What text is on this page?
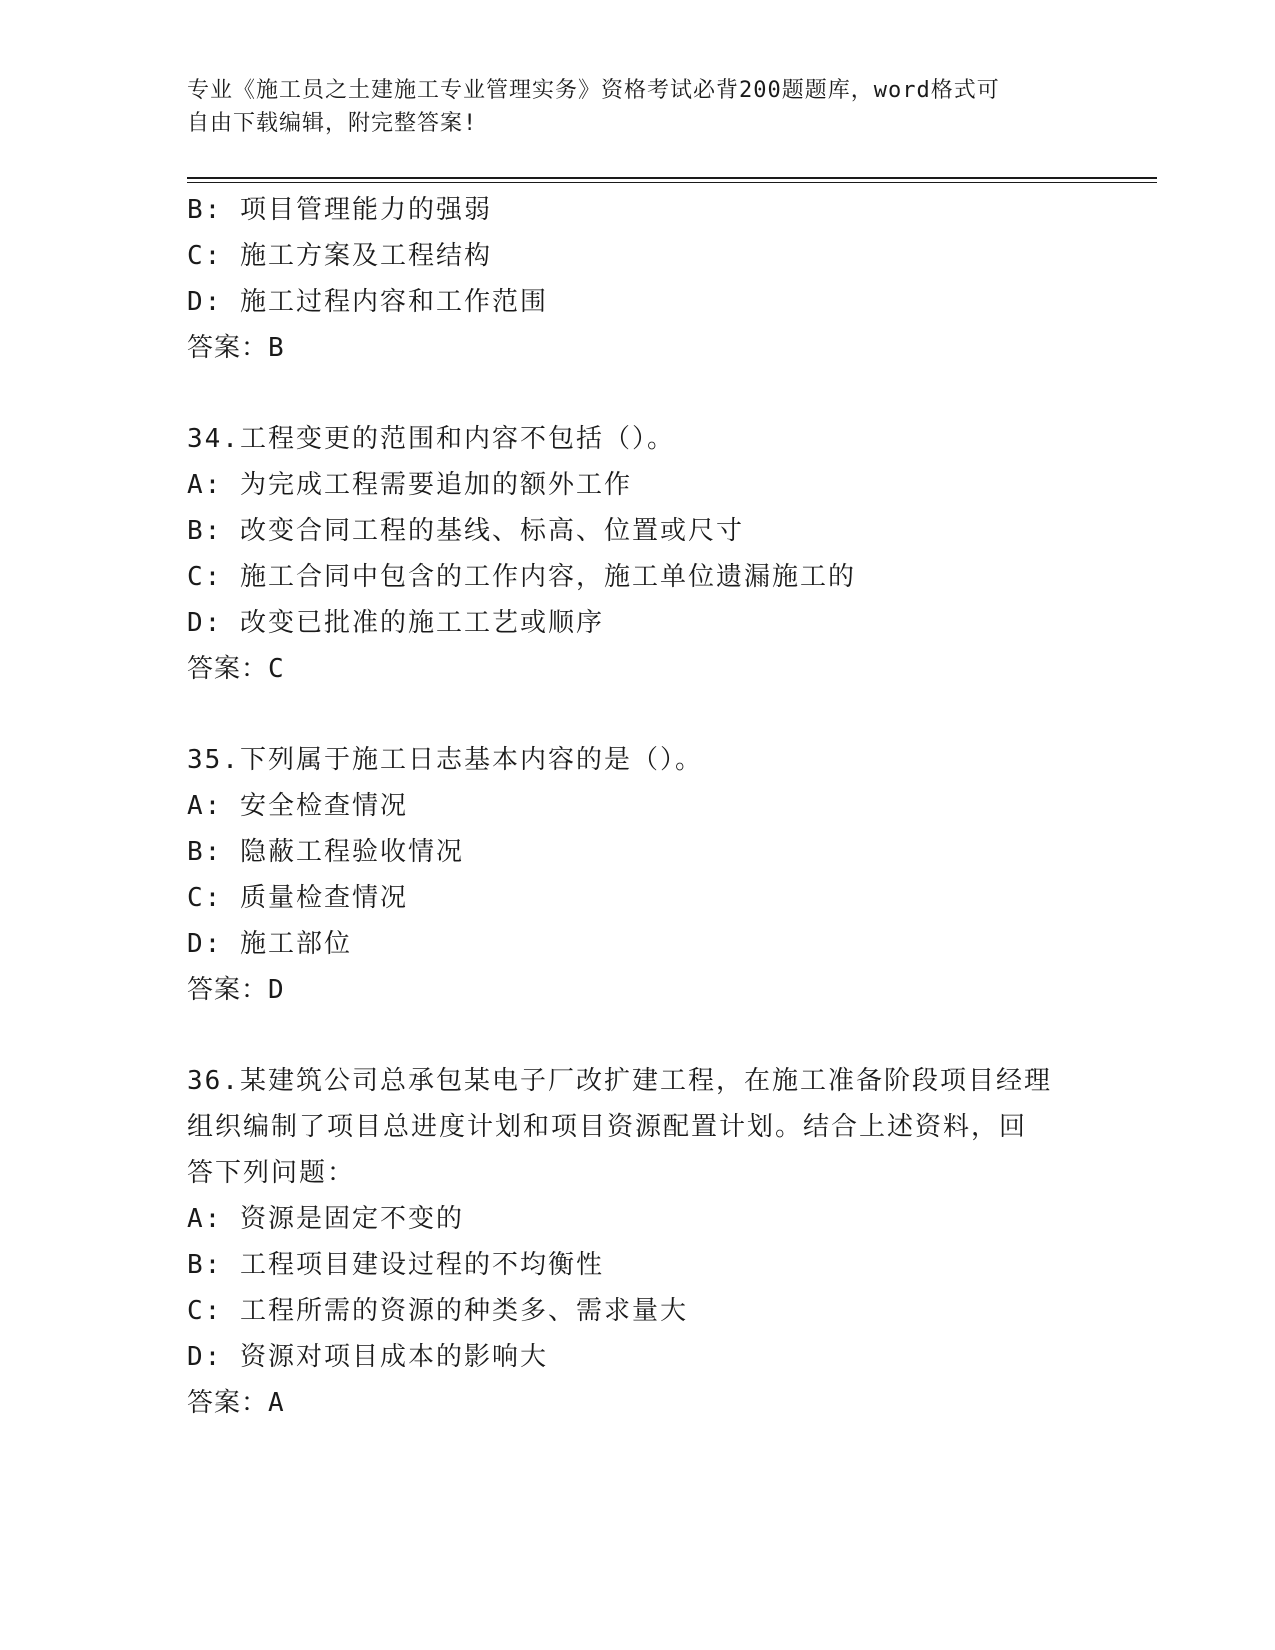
专业《施工员之土建施工专业管理实务》资格考试必背200题题库，word格式可
自由下载编辑，附完整答案!
B: 项目管理能力的强弱
C: 施工方案及工程结构
D: 施工过程内容和工作范围
答案：B
34.工程变更的范围和内容不包括（）。
A: 为完成工程需要追加的额外工作
B: 改变合同工程的基线、标高、位置或尺寸
C: 施工合同中包含的工作内容，施工单位遗漏施工的
D: 改变已批准的施工工艺或顺序
答案：C
35.下列属于施工日志基本内容的是（）。
A: 安全检查情况
B: 隐蔽工程验收情况
C: 质量检查情况
D: 施工部位
答案：D
36.某建筑公司总承包某电子厂改扩建工程，在施工准备阶段项目经理
组织编制了项目总进度计划和项目资源配置计划。结合上述资料，回
答下列问题：
A: 资源是固定不变的
B: 工程项目建设过程的不均衡性
C: 工程所需的资源的种类多、需求量大
D: 资源对项目成本的影响大
答案：A
